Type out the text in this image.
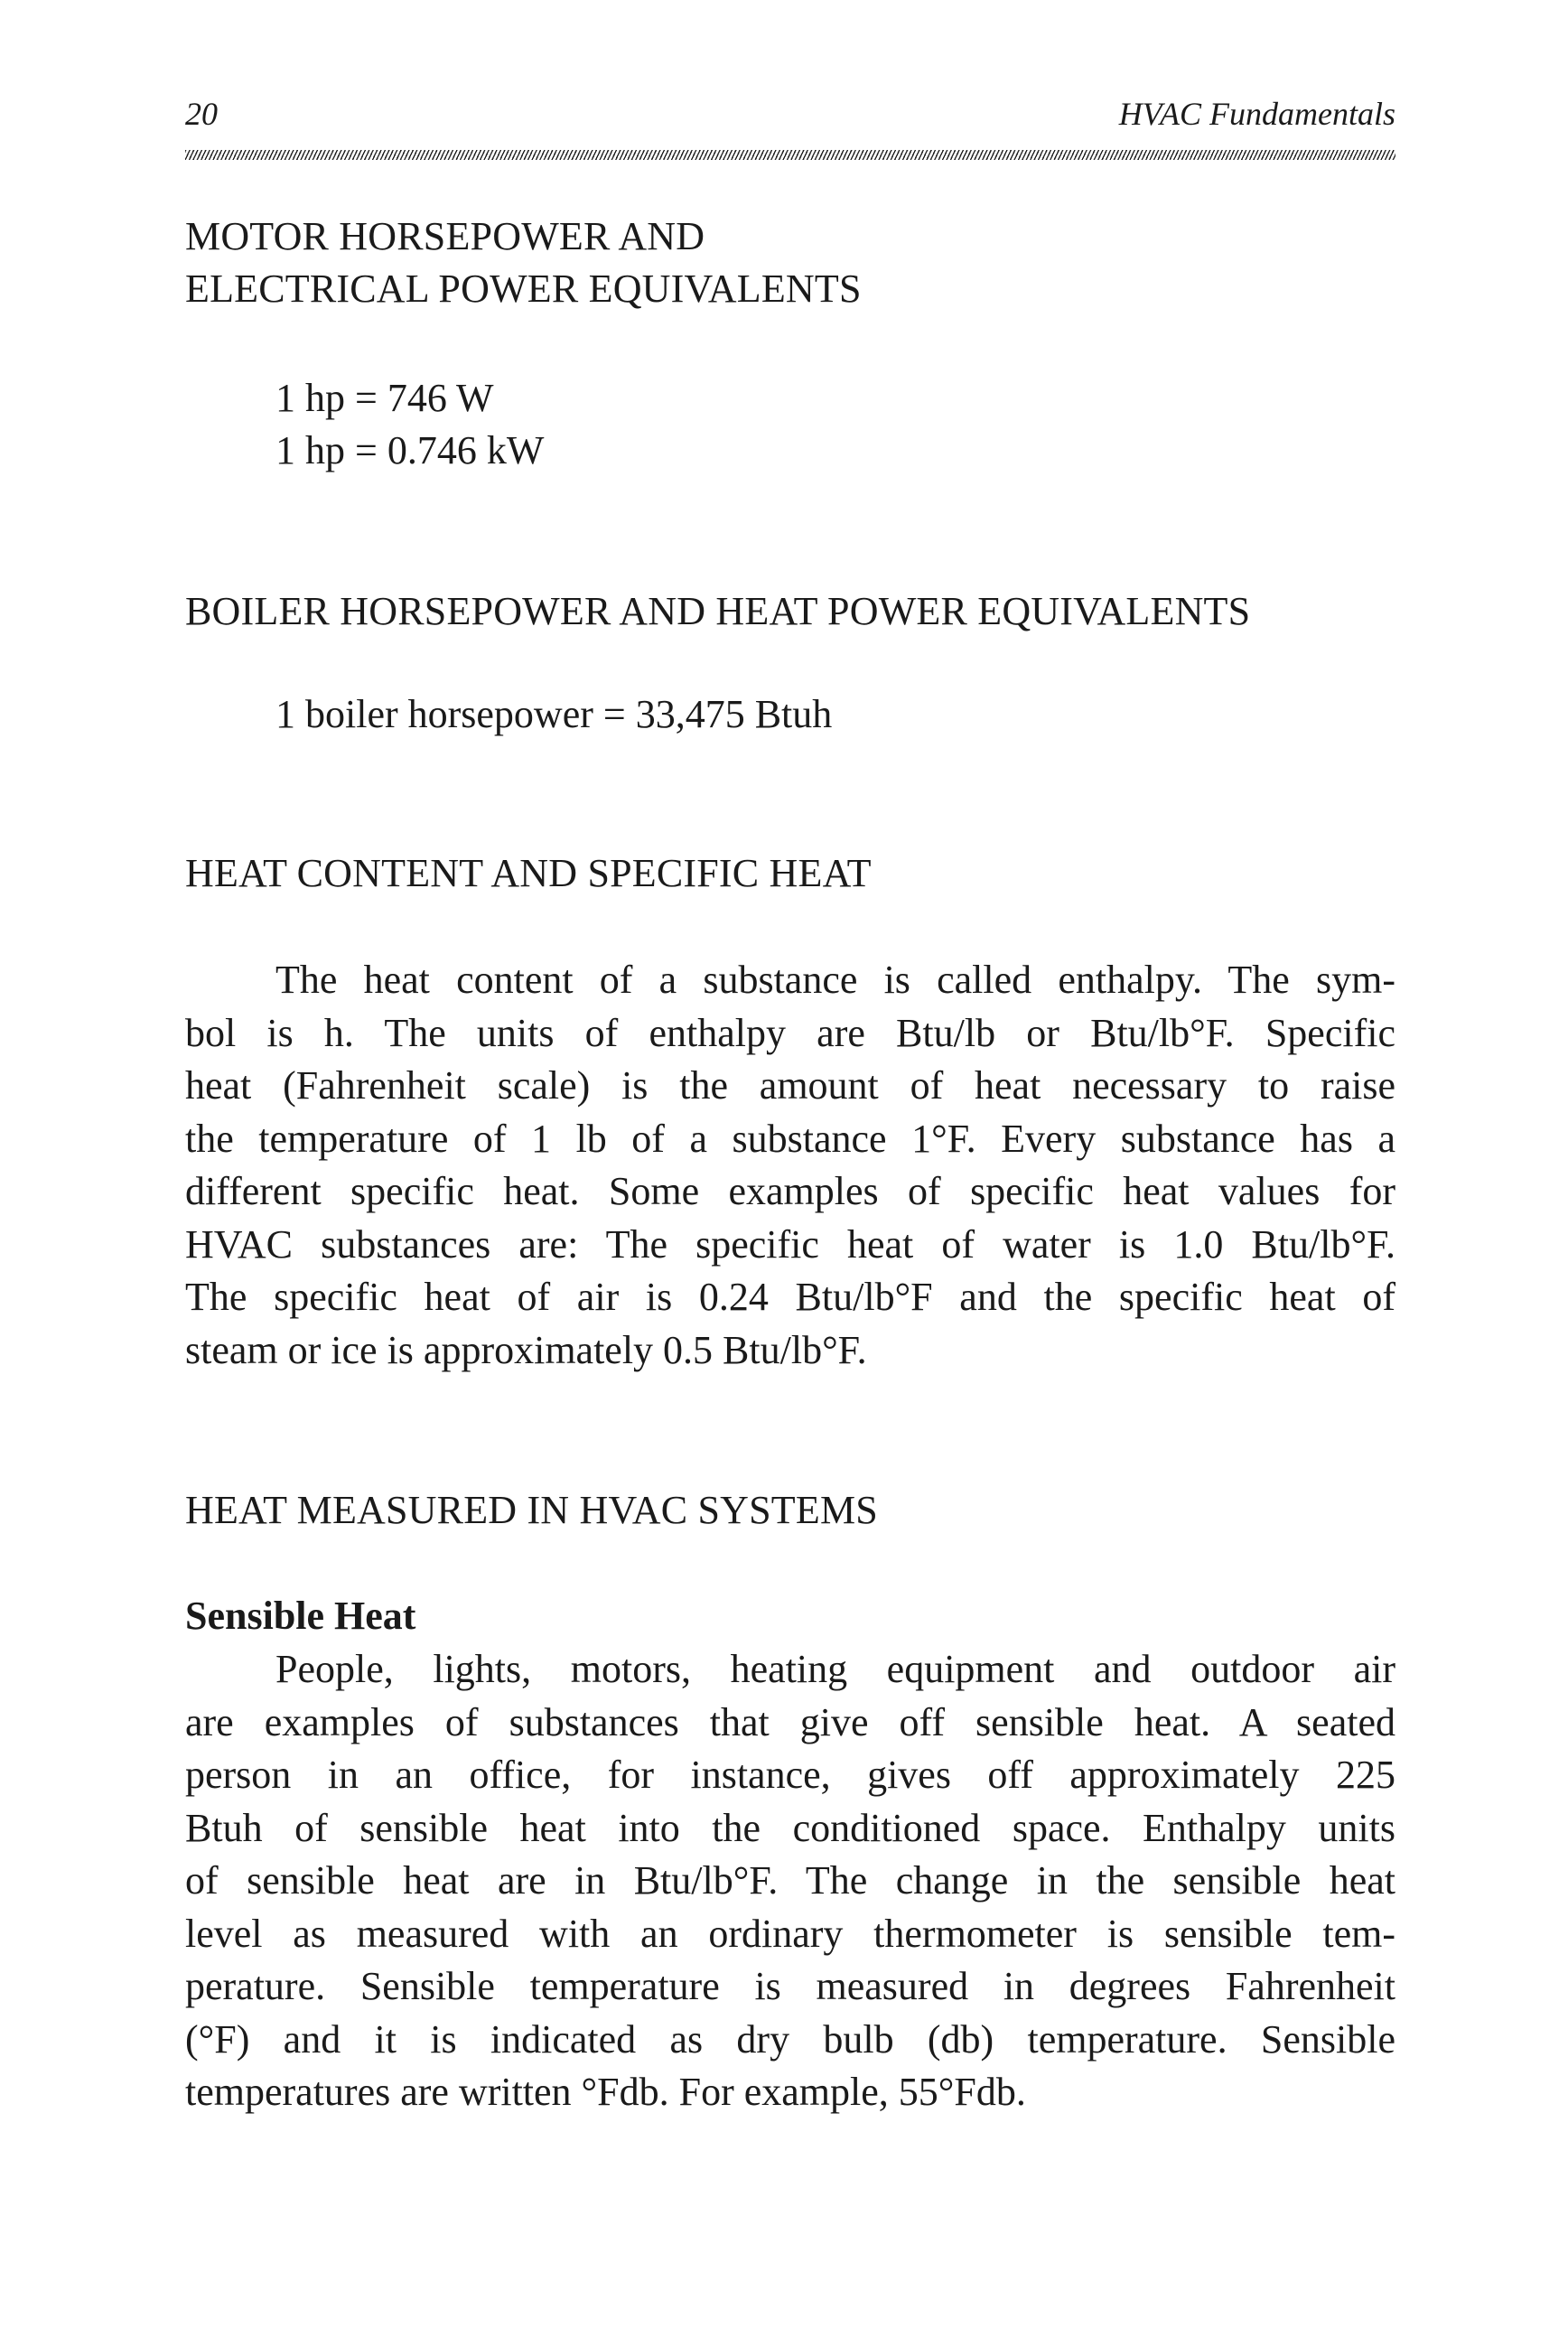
20	HVAC Fundamentals
MOTOR HORSEPOWER AND
ELECTRICAL POWER EQUIVALENTS
1 hp = 746 W
1 hp = 0.746 kW
BOILER HORSEPOWER AND HEAT POWER EQUIVALENTS
1 boiler horsepower = 33,475 Btuh
HEAT CONTENT AND SPECIFIC HEAT
The heat content of a substance is called enthalpy. The sym-
bol is h. The units of enthalpy are Btu/lb or Btu/lb°F. Specific
heat (Fahrenheit scale) is the amount of heat necessary to raise
the temperature of 1 lb of a substance 1°F. Every substance has a
different specific heat. Some examples of specific heat values for
HVAC substances are: The specific heat of water is 1.0 Btu/lb°F.
The specific heat of air is 0.24 Btu/lb°F and the specific heat of
steam or ice is approximately 0.5 Btu/lb°F.
HEAT MEASURED IN HVAC SYSTEMS
Sensible Heat
People, lights, motors, heating equipment and outdoor air
are examples of substances that give off sensible heat. A seated
person in an office, for instance, gives off approximately 225
Btuh of sensible heat into the conditioned space. Enthalpy units
of sensible heat are in Btu/lb°F. The change in the sensible heat
level as measured with an ordinary thermometer is sensible tem-
perature. Sensible temperature is measured in degrees Fahrenheit
(°F) and it is indicated as dry bulb (db) temperature. Sensible
temperatures are written °Fdb. For example, 55°Fdb.
